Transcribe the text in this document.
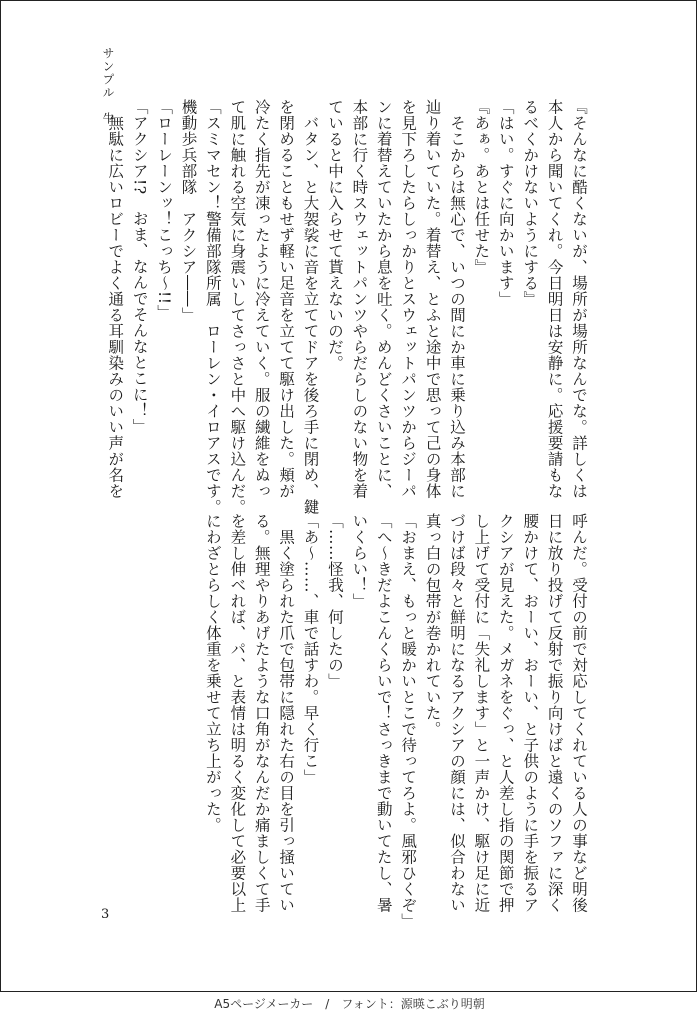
サンプル　牛
『そんなに酷くないが、場所が場所なんでな。詳しくは
本人から聞いてくれ。今日明日は安静に。応援要請もな
るべくかけないようにする』
「はい。すぐに向かいます」
『あぁ。あとは任せた』
　そこからは無心で、いつの間にか車に乗り込み本部に
辿り着いていた。着替え、とふと途中で思って己の身体
を見下ろしたらしっかりとスウェットパンツからジーパ
ンに着替えていたから息を吐く。めんどくさいことに、
本部に行く時スウェットパンツやらだらしのない物を着
ていると中に入らせて貰えないのだ。
　バタン、と大袈裟に音を立ててドアを後ろ手に閉め、鍵
を閉めることもせず軽い足音を立てて駆け出した。頬が
冷たく指先が凍ったように冷えていく。服の繊維をぬっ
て肌に触れる空気に身震いしてさっさと中へ駆け込んだ。
「スミマセン！警備部隊所属　ローレン・イロアスです。
機動歩兵部隊　アクシア――」
「ローレーンッ！こっち～!!」
「アクシア!?　おま、なんでそんなとこに！」
　無駄に広いロビーでよく通る耳馴染みのいい声が名を
呼んだ。受付の前で対応してくれている人の事など明後
日に放り投げて反射で振り向けばと遠くのソファに深く
腰かけて、おーい、おーい、と子供のように手を振るア
クシアが見えた。メガネをぐっ、と人差し指の関節で押
し上げて受付に「失礼します」と一声かけ、駆け足に近
づけば段々と鮮明になるアクシアの顔には、似合わない
真っ白の包帯が巻かれていた。
「おまえ、もっと暖かいとこで待ってろよ。風邪ひくぞ」
「へ～きだよこんくらいで！さっきまで動いてたし、暑
いくらい！」
「……怪我、何したの」
「あ～……、車で話すわ。早く行こ」
　黒く塗られた爪で包帯に隠れた右の目を引っ掻いてい
る。無理やりあげたような口角がなんだか痛ましくて手
を差し伸べれば、パ、と表情は明るく変化して必要以上
にわざとらしく体重を乗せて立ち上がった。
3
A5ページメーカー　/　フォント：源暎こぶり明朝
